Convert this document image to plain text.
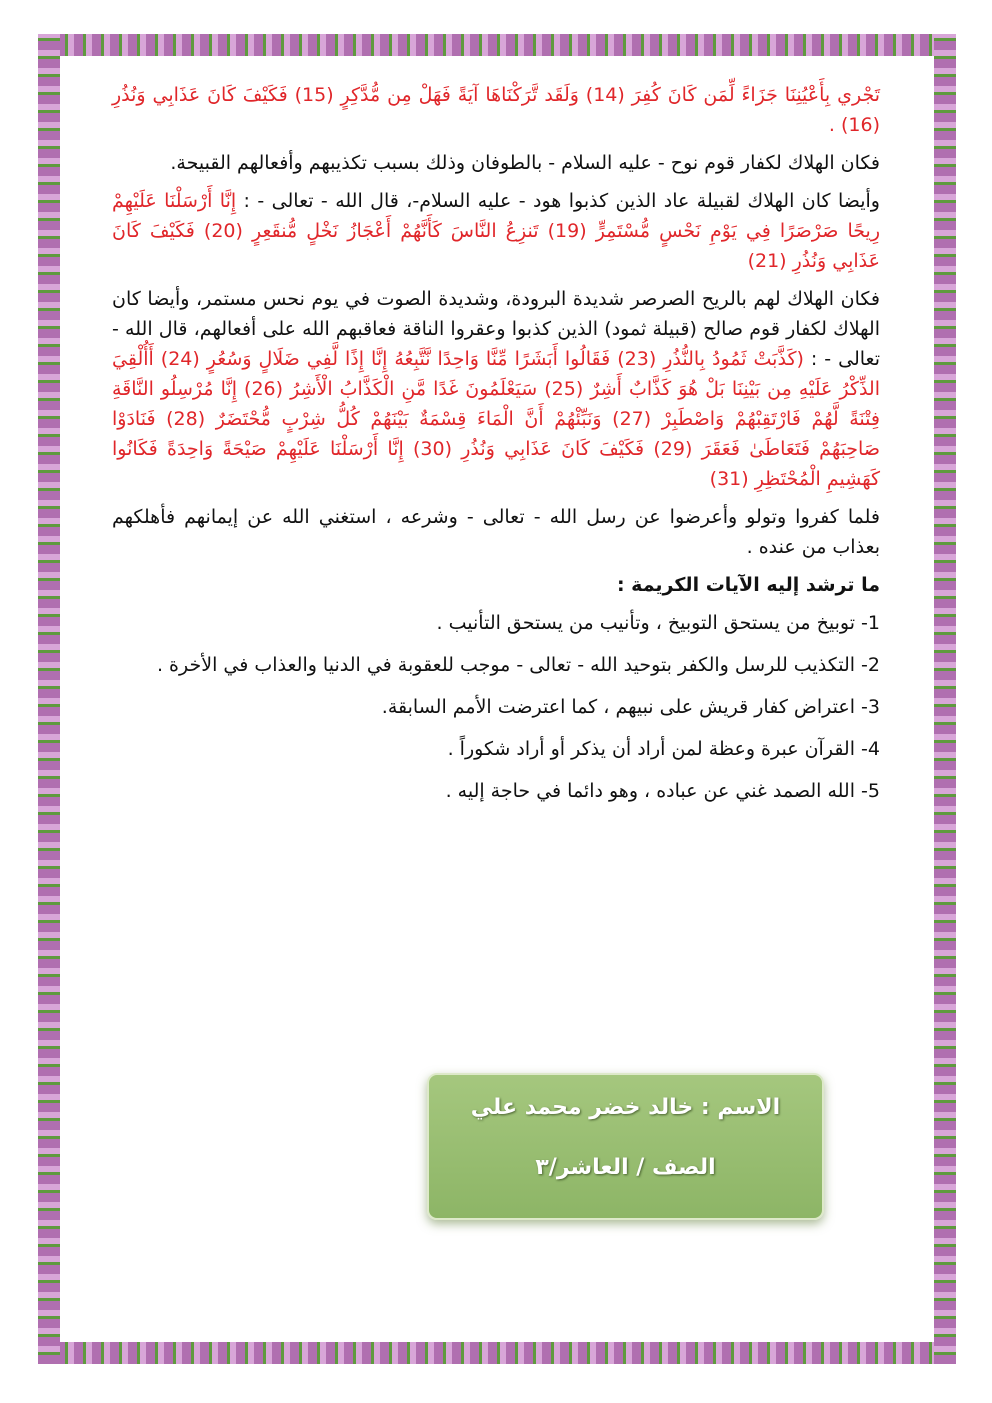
تَجْري بِأَعْيُنِنَا جَزَاءً لِّمَن كَانَ كُفِرَ (14) وَلَقَد تَّرَكْنَاهَا آيَةً فَهَلْ مِن مُّدَّكِرٍ (15) فَكَيْفَ كَانَ عَذَابِي وَنُذُرِ (16) .

فكان الهلاك لكفار قوم نوح - عليه السلام - بالطوفان وذلك بسبب تكذيبهم وأفعالهم القبيحة.

وأيضا كان الهلاك لقبيلة عاد الذين كذبوا هود - عليه السلام-، قال الله - تعالى - : إِنَّا أَرْسَلْنَا عَلَيْهِمْ رِيحًا صَرْصَرًا فِي يَوْمِ نَحْسٍ مُّسْتَمِرٍّ (19) تَنزِعُ النَّاسَ كَأَنَّهُمْ أَعْجَازُ نَخْلٍ مُّنقَعِرٍ (20) فَكَيْفَ كَانَ عَذَابِي وَنُذُرِ (21)

فكان الهلاك لهم بالريح الصرصر شديدة البرودة، وشديدة الصوت في يوم نحس مستمر، وأيضا كان الهلاك لكفار قوم صالح (قبيلة ثمود) الذين كذبوا وعقروا الناقة فعاقبهم الله على أفعالهم، قال الله - تعالى - : (كَذَّبَتْ ثَمُودُ بِالنُّذُرِ (23) فَقَالُوا أَبَشَرًا مِّنَّا وَاحِدًا نَّتَّبِعُهُ إِنَّا إِذًا لَّفِي ضَلَالٍ وَسُعُرٍ (24) أَأُلْقِيَ الذِّكْرُ عَلَيْهِ مِن بَيْنِنَا بَلْ هُوَ كَذَّابٌ أَشِرٌ (25) سَيَعْلَمُونَ غَدًا مَّنِ الْكَذَّابُ الْأَشِرُ (26) إِنَّا مُرْسِلُو النَّاقَةِ فِتْنَةً لَّهُمْ فَارْتَقِبْهُمْ وَاصْطَبِرْ (27) وَنَبِّئْهُمْ أَنَّ الْمَاءَ قِسْمَةٌ بَيْنَهُمْ كُلُّ شِرْبٍ مُّحْتَضَرٌ (28) فَنَادَوْا صَاحِبَهُمْ فَتَعَاطَىٰ فَعَقَرَ (29) فَكَيْفَ كَانَ عَذَابِي وَنُذُرِ (30) إِنَّا أَرْسَلْنَا عَلَيْهِمْ صَيْحَةً وَاحِدَةً فَكَانُوا كَهَشِيمِ الْمُحْتَظِرِ (31)

فلما كفروا وتولو وأعرضوا عن رسل الله - تعالى - وشرعه ، استغني الله عن إيمانهم فأهلكهم بعذاب من عنده .

ما ترشد إليه الآيات الكريمة :

1- توبيخ من يستحق التوبيخ ، وتأنيب من يستحق التأنيب .
2- التكذيب للرسل والكفر بتوحيد الله - تعالى - موجب للعقوبة في الدنيا والعذاب في الأخرة .
3- اعتراض كفار قريش على نبيهم ، كما اعترضت الأمم السابقة.
4- القرآن عبرة وعظة لمن أراد أن يذكر أو أراد شكوراً .
5- الله الصمد غني عن عباده ، وهو دائما في حاجة إليه .
الاسم : خالد خضر محمد علي
الصف / العاشر/٣
